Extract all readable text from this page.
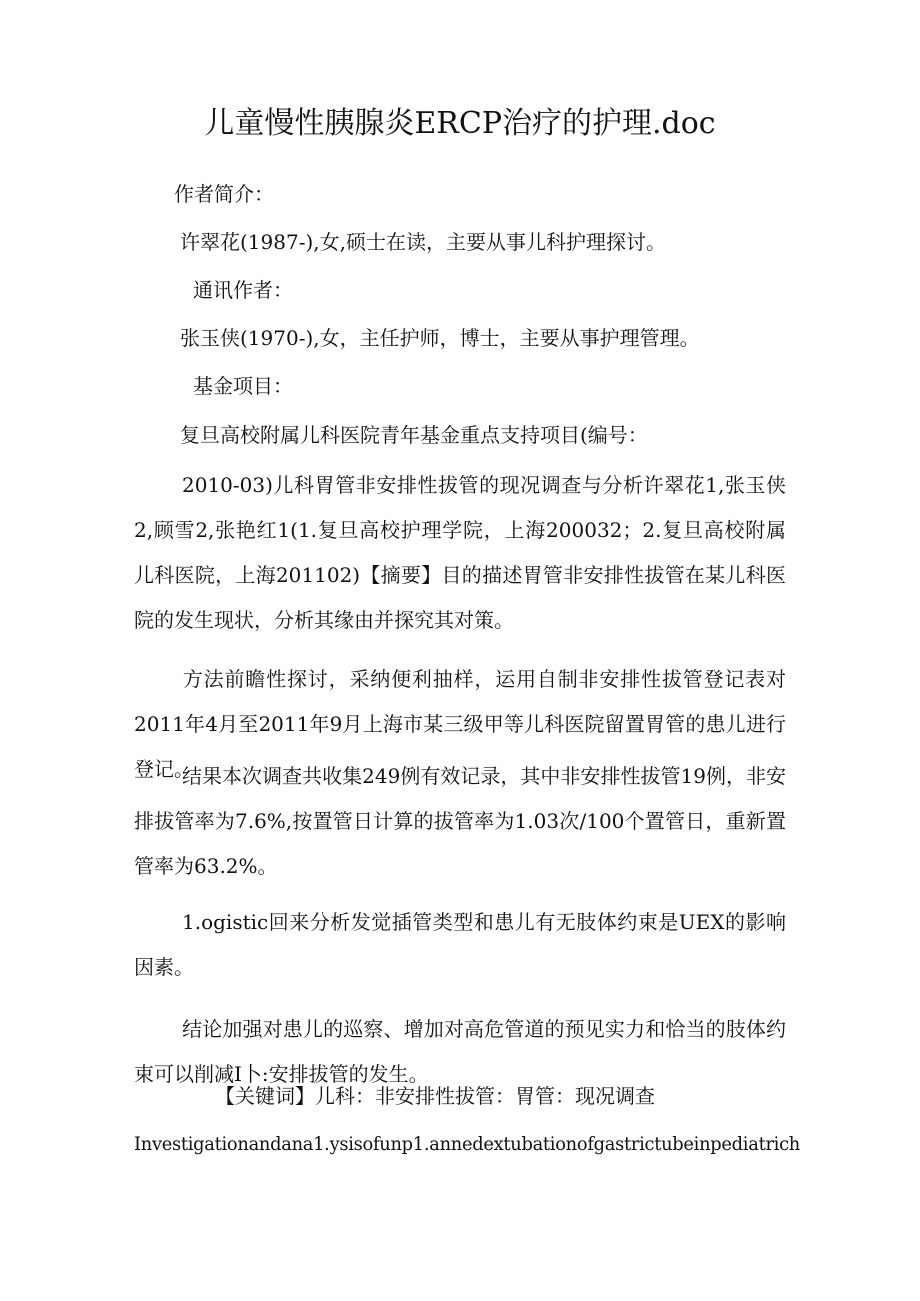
儿童慢性胰腺炎ERCP治疗的护理.doc
作者简介：
许翠花(1987-),女,硕士在读，主要从事儿科护理探讨。
通讯作者：
张玉侠(1970-),女，主任护师，博士，主要从事护理管理。
基金项目：
复旦高校附属儿科医院青年基金重点支持项目(编号：
2010-03)儿科胃管非安排性拔管的现况调查与分析许翠花1,张玉侠2,顾雪2,张艳红1(1.复旦高校护理学院，上海200032；2.复旦高校附属儿科医院，上海201102)【摘要】目的描述胃管非安排性拔管在某儿科医院的发生现状，分析其缘由并探究其对策。
方法前瞻性探讨，采纳便利抽样，运用自制非安排性拔管登记表对2011年4月至2011年9月上海市某三级甲等儿科医院留置胃管的患儿进行登记。
结果本次调查共收集249例有效记录，其中非安排性拔管19例，非安排拔管率为7.6%,按置管日计算的拔管率为1.03次/100个置管日，重新置管率为63.2%。
1.ogistic回来分析发觉插管类型和患儿有无肢体约束是UEX的影响因素。
结论加强对患儿的巡察、增加对高危管道的预见实力和恰当的肢体约束可以削减I卜:安排拔管的发生。
【关键词】儿科：非安排性拔管：胃管：现况调查
Investigationandana1.ysisofunp1.annedextubationofgastrictubeinpediatrich
